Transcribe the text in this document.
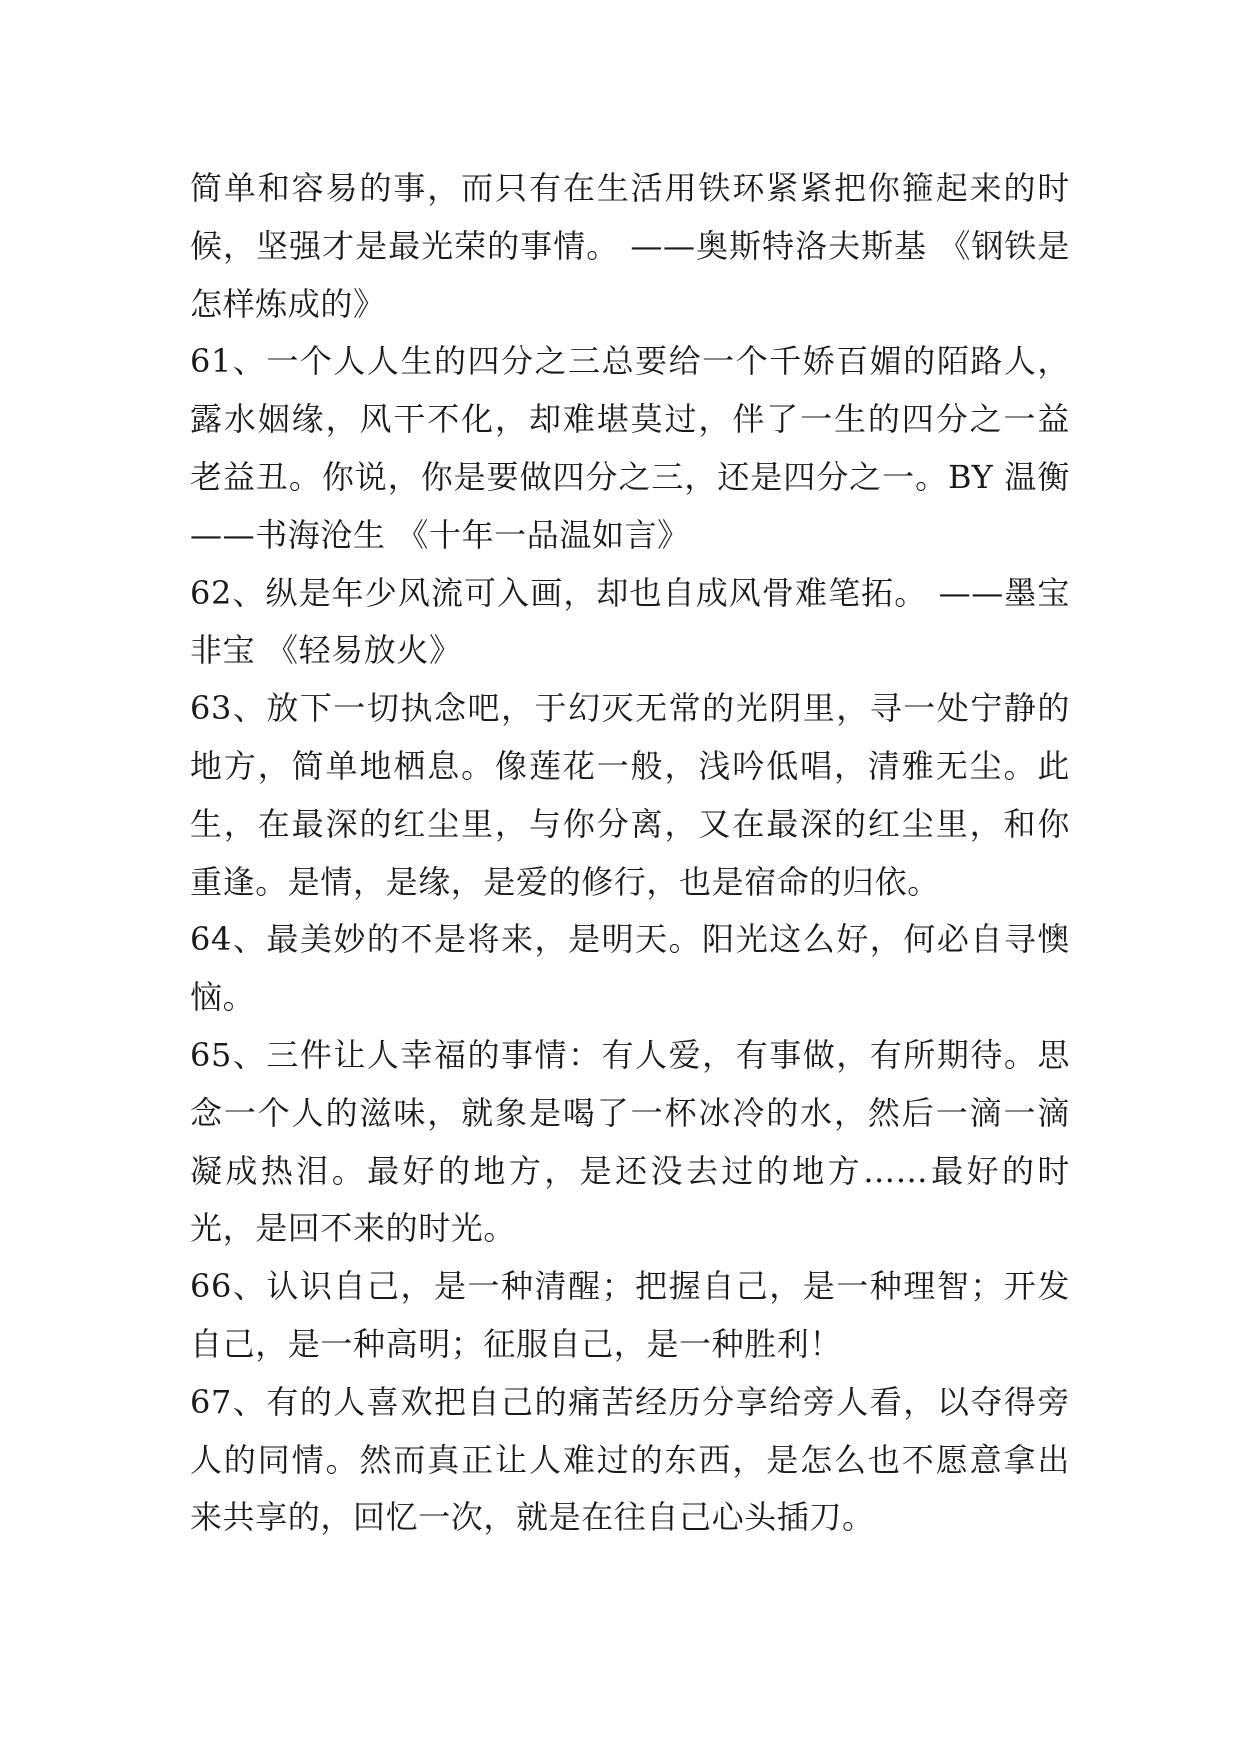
简单和容易的事，而只有在生活用铁环紧紧把你箍起来的时候，坚强才是最光荣的事情。 ——奥斯特洛夫斯基 《钢铁是怎样炼成的》

61、一个人人生的四分之三总要给一个千娇百媚的陌路人，露水姻缘，风干不化，却难堪莫过，伴了一生的四分之一益老益丑。你说，你是要做四分之三，还是四分之一。BY 温衡 ——书海沧生 《十年一品温如言》

62、纵是年少风流可入画，却也自成风骨难笔拓。 ——墨宝非宝 《轻易放火》

63、放下一切执念吧，于幻灭无常的光阴里，寻一处宁静的地方，简单地栖息。像莲花一般，浅吟低唱，清雅无尘。此生，在最深的红尘里，与你分离，又在最深的红尘里，和你重逢。是情，是缘，是爱的修行，也是宿命的归依。

64、最美妙的不是将来，是明天。阳光这么好，何必自寻懊恼。

65、三件让人幸福的事情：有人爱，有事做，有所期待。思念一个人的滋味，就象是喝了一杯冰冷的水，然后一滴一滴凝成热泪。最好的地方，是还没去过的地方……最好的时光，是回不来的时光。

66、认识自己，是一种清醒；把握自己，是一种理智；开发自己，是一种高明；征服自己，是一种胜利！

67、有的人喜欢把自己的痛苦经历分享给旁人看，以夺得旁人的同情。然而真正让人难过的东西，是怎么也不愿意拿出来共享的，回忆一次，就是在往自己心头插刀。
